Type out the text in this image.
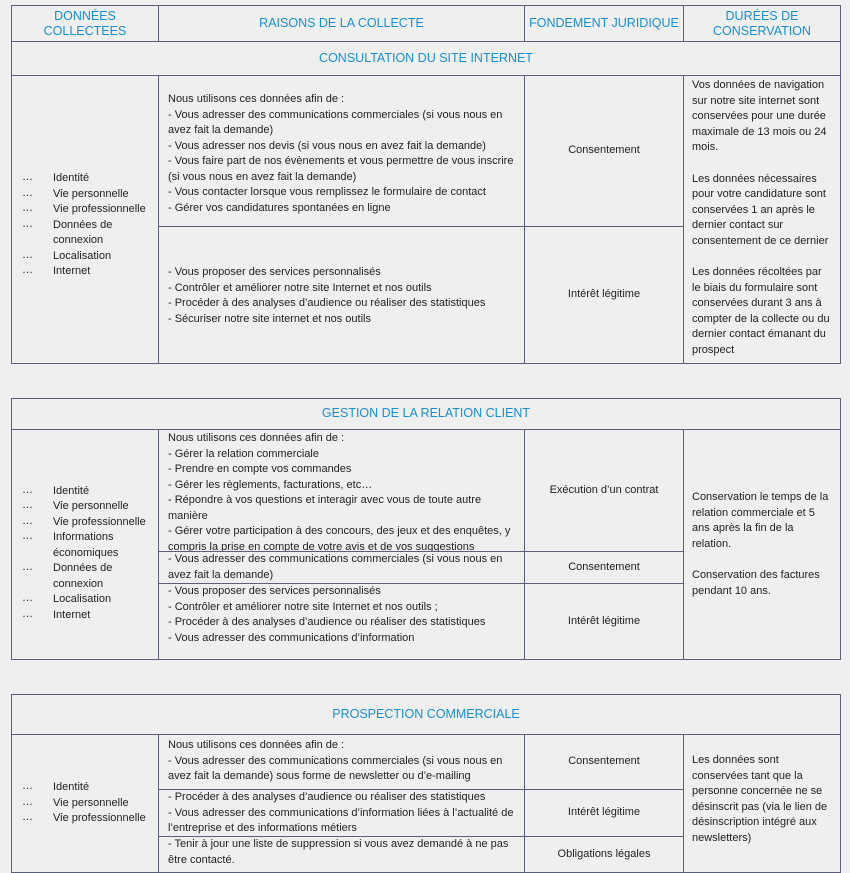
DONNÉES COLLECTEES
RAISONS DE LA COLLECTE	FONDEMENT JURIDIQUE
DURÉES DE CONSERVATION
CONSULTATION DU SITE INTERNET
… Identité
… Vie personnelle
… Vie professionnelle
… Données de connexion
… Localisation
… Internet
Nous utilisons ces données afin de :
- Vous adresser des communications commerciales (si vous nous en avez fait la demande)
- Vous adresser nos devis (si vous nous en avez fait la demande)
- Vous faire part de nos évènements et vous permettre de vous inscrire (si vous nous en avez fait la demande)
- Vous contacter lorsque vous remplissez le formulaire de contact
- Gérer vos candidatures spontanées en ligne
Consentement
- Vous proposer des services personnalisés
- Contrôler et améliorer notre site Internet et nos outils
- Procéder à des analyses d’audience ou réaliser des statistiques
- Sécuriser notre site internet et nos outils
Intérêt légitime
Vos données de navigation sur notre site internet sont conservées pour une durée maximale de 13 mois ou 24 mois.
Les données nécessaires pour votre candidature sont conservées 1 an après le dernier contact sur consentement de ce dernier
Les données récoltées par le biais du formulaire sont conservées durant 3 ans à compter de la collecte ou du dernier contact émanant du prospect
GESTION DE LA RELATION CLIENT
… Identité
… Vie personnelle
… Vie professionnelle
… Informations économiques
… Données de connexion
… Localisation
… Internet
Nous utilisons ces données afin de :
- Gérer la relation commerciale
- Prendre en compte vos commandes
- Gérer les règlements, facturations, etc…
- Répondre à vos questions et interagir avec vous de toute autre manière
- Gérer votre participation à des concours, des jeux et des enquêtes, y compris la prise en compte de votre avis et de vos suggestions
Exécution d’un contrat
- Vous adresser des communications commerciales (si vous nous en avez fait la demande)
Consentement
- Vous proposer des services personnalisés
- Contrôler et améliorer notre site Internet et nos outils ;
- Procéder à des analyses d’audience ou réaliser des statistiques
- Vous adresser des communications d’information
Intérêt légitime
Conservation le temps de la relation commerciale et 5 ans après la fin de la relation.
Conservation des factures pendant 10 ans.
PROSPECTION COMMERCIALE
… Identité
… Vie personnelle
… Vie professionnelle
Nous utilisons ces données afin de :
- Vous adresser des communications commerciales (si vous nous en avez fait la demande) sous forme de newsletter ou d’e-mailing
Consentement
- Procéder à des analyses d’audience ou réaliser des statistiques
- Vous adresser des communications d’information liées à l’actualité de l’entreprise et des informations métiers
Intérêt légitime
- Tenir à jour une liste de suppression si vous avez demandé à ne pas être contacté.	Obligations légales
Les données sont conservées tant que la personne concernée ne se désinscrit pas (via le lien de désinscription intégré aux newsletters)
